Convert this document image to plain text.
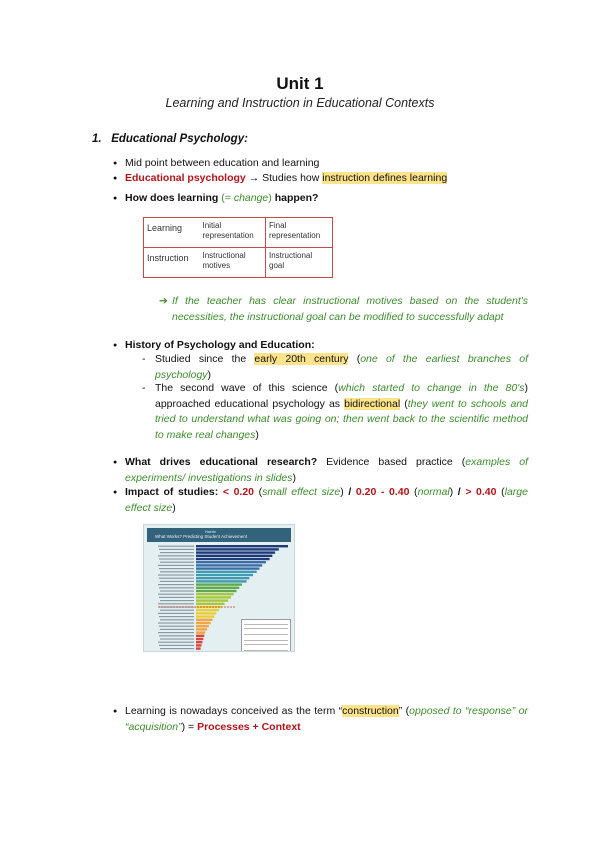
Unit 1
Learning and Instruction in Educational Contexts
1. Educational Psychology:
● Mid point between education and learning
● Educational psychology → Studies how instruction defines learning
● How does learning (= change) happen?
Learning	Initial representation	Final representation
Instruction	Instructional motives	Instructional goal
➔ If the teacher has clear instructional motives based on the student's necessities, the instructional goal can be modified to successfully adapt
● History of Psychology and Education:
- Studied since the early 20th century (one of the earliest branches of psychology)
- The second wave of this science (which started to change in the 80's) approached educational psychology as bidirectional (they went to schools and tried to understand what was going on; then went back to the scientific method to make real changes)
● What drives educational research? Evidence based practice (examples of experiments/ investigations in slides)
● Impact of studies: < 0.20 (small effect size) / 0.20 - 0.40 (normal) / > 0.40 (large effect size)
Hattie
What Works? Predicting Student Achievement
● Learning is nowadays conceived as the term “construction” (opposed to “response” or “acquisition”) = Processes + Context
